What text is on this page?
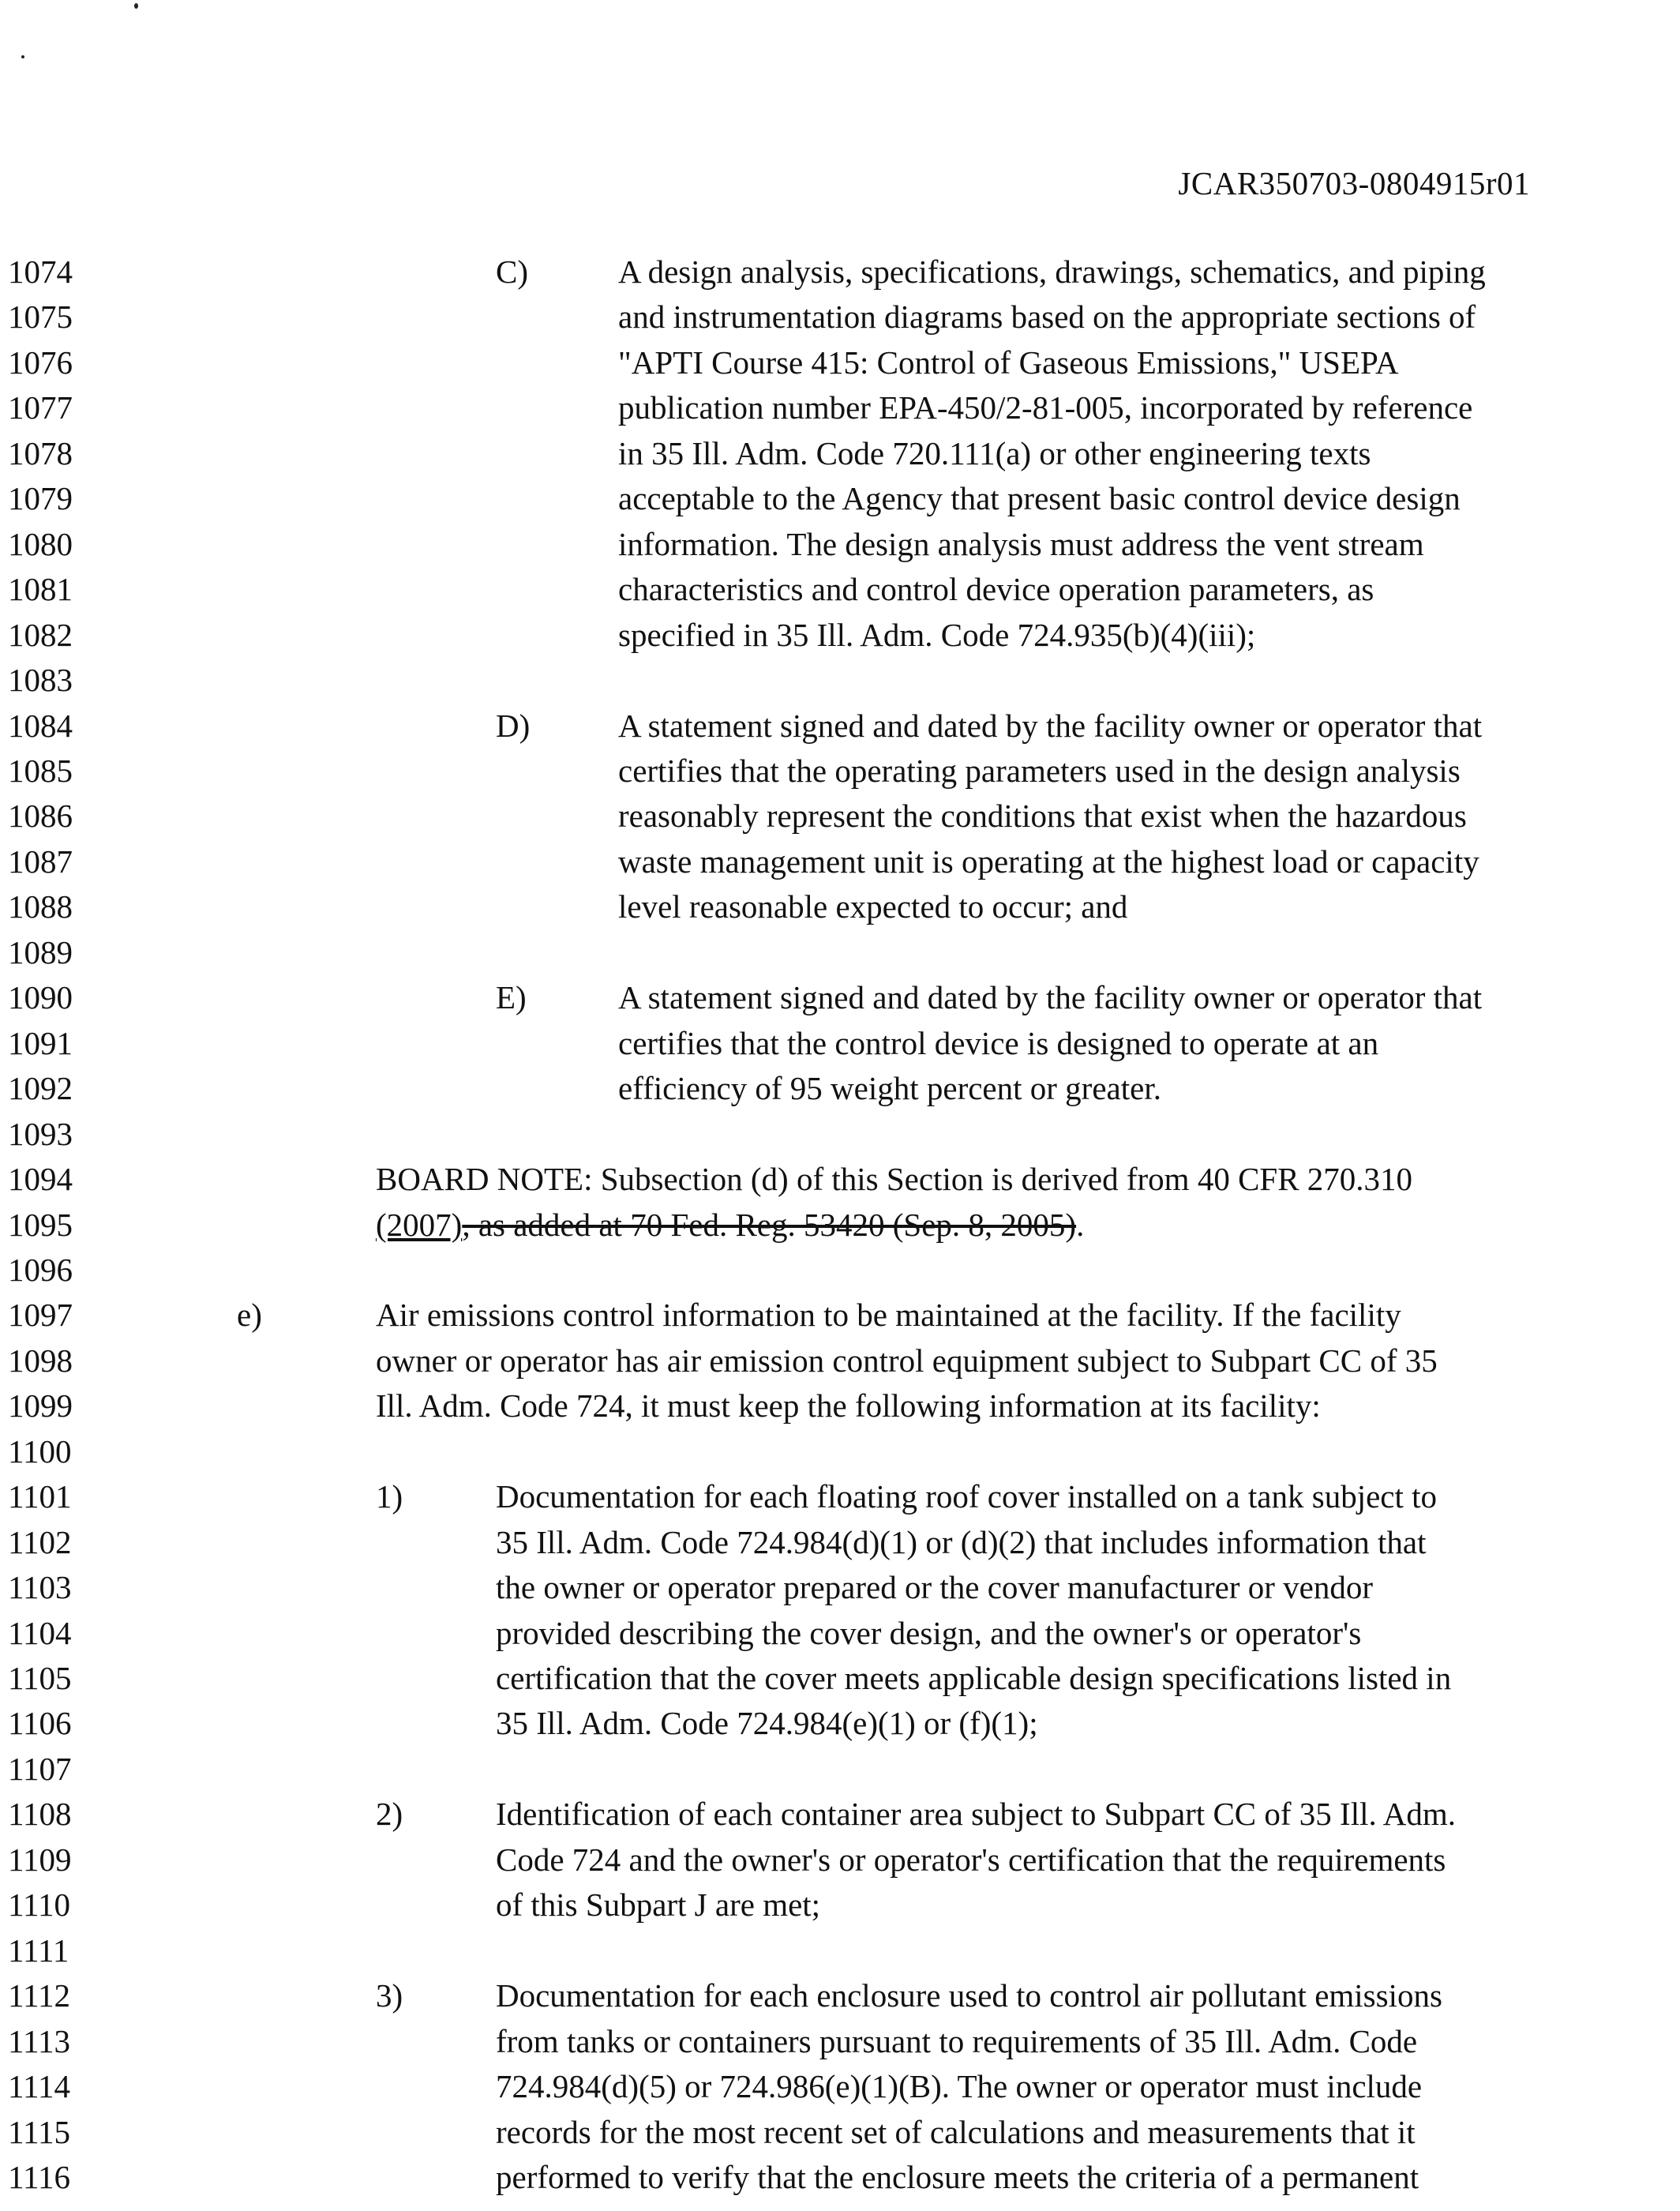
JCAR350703-0804915r01
1074	C)	A design analysis, specifications, drawings, schematics, and piping
1075	and instrumentation diagrams based on the appropriate sections of
1076	"APTI Course 415: Control of Gaseous Emissions," USEPA
1077	publication number EPA-450/2-81-005, incorporated by reference
1078	in 35 Ill. Adm. Code 720.111(a) or other engineering texts
1079	acceptable to the Agency that present basic control device design
1080	information. The design analysis must address the vent stream
1081	characteristics and control device operation parameters, as
1082	specified in 35 Ill. Adm. Code 724.935(b)(4)(iii);
1083
1084	D)	A statement signed and dated by the facility owner or operator that
1085	certifies that the operating parameters used in the design analysis
1086	reasonably represent the conditions that exist when the hazardous
1087	waste management unit is operating at the highest load or capacity
1088	level reasonable expected to occur; and
1089
1090	E)	A statement signed and dated by the facility owner or operator that
1091	certifies that the control device is designed to operate at an
1092	efficiency of 95 weight percent or greater.
1093
1094	BOARD NOTE: Subsection (d) of this Section is derived from 40 CFR 270.310
1095	(2007), as added at 70 Fed. Reg. 53420 (Sep. 8, 2005).
1096
1097	e)	Air emissions control information to be maintained at the facility. If the facility
1098	owner or operator has air emission control equipment subject to Subpart CC of 35
1099	Ill. Adm. Code 724, it must keep the following information at its facility:
1100
1101	1)	Documentation for each floating roof cover installed on a tank subject to
1102	35 Ill. Adm. Code 724.984(d)(1) or (d)(2) that includes information that
1103	the owner or operator prepared or the cover manufacturer or vendor
1104	provided describing the cover design, and the owner's or operator's
1105	certification that the cover meets applicable design specifications listed in
1106	35 Ill. Adm. Code 724.984(e)(1) or (f)(1);
1107
1108	2)	Identification of each container area subject to Subpart CC of 35 Ill. Adm.
1109	Code 724 and the owner's or operator's certification that the requirements
1110	of this Subpart J are met;
1111
1112	3)	Documentation for each enclosure used to control air pollutant emissions
1113	from tanks or containers pursuant to requirements of 35 Ill. Adm. Code
1114	724.984(d)(5) or 724.986(e)(1)(B). The owner or operator must include
1115	records for the most recent set of calculations and measurements that it
1116	performed to verify that the enclosure meets the criteria of a permanent
